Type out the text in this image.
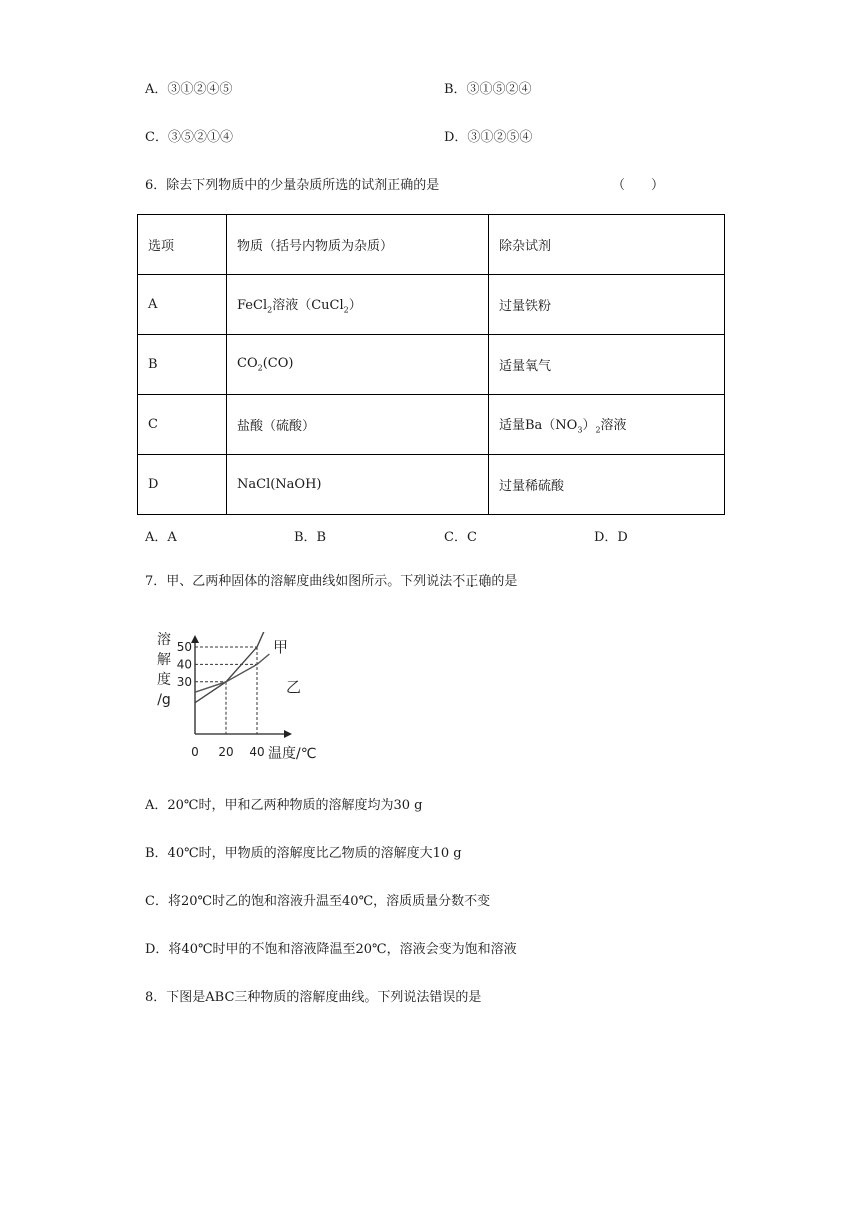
A．③①②④⑤	B．③①⑤②④
C．③⑤②①④	D．③①②⑤④
6．除去下列物质中的少量杂质所选的试剂正确的是	（　　）
选项	物质（括号内物质为杂质）	除杂试剂
A	FeCl$_2$溶液（CuCl$_2$）	过量铁粉
B	$CO_2(CO)$	适量氧气
C	盐酸（硫酸）	适量$Ba(NO_3)_2$溶液
D	NaCl(NaOH)	过量稀硫酸
A．A	B．B	C．C	D．D
7．甲、乙两种固体的溶解度曲线如图所示。下列说法不正确的是
溶
解
度
/g
50
40
30
0 20 40 温度/℃
甲
乙
A．20℃时，甲和乙两种物质的溶解度均为30 g
B．40℃时，甲物质的溶解度比乙物质的溶解度大10 g
C．将20℃时乙的饱和溶液升温至40℃，溶质质量分数不变
D．将40℃时甲的不饱和溶液降温至20℃，溶液会变为饱和溶液
8．下图是ABC三种物质的溶解度曲线。下列说法错误的是
